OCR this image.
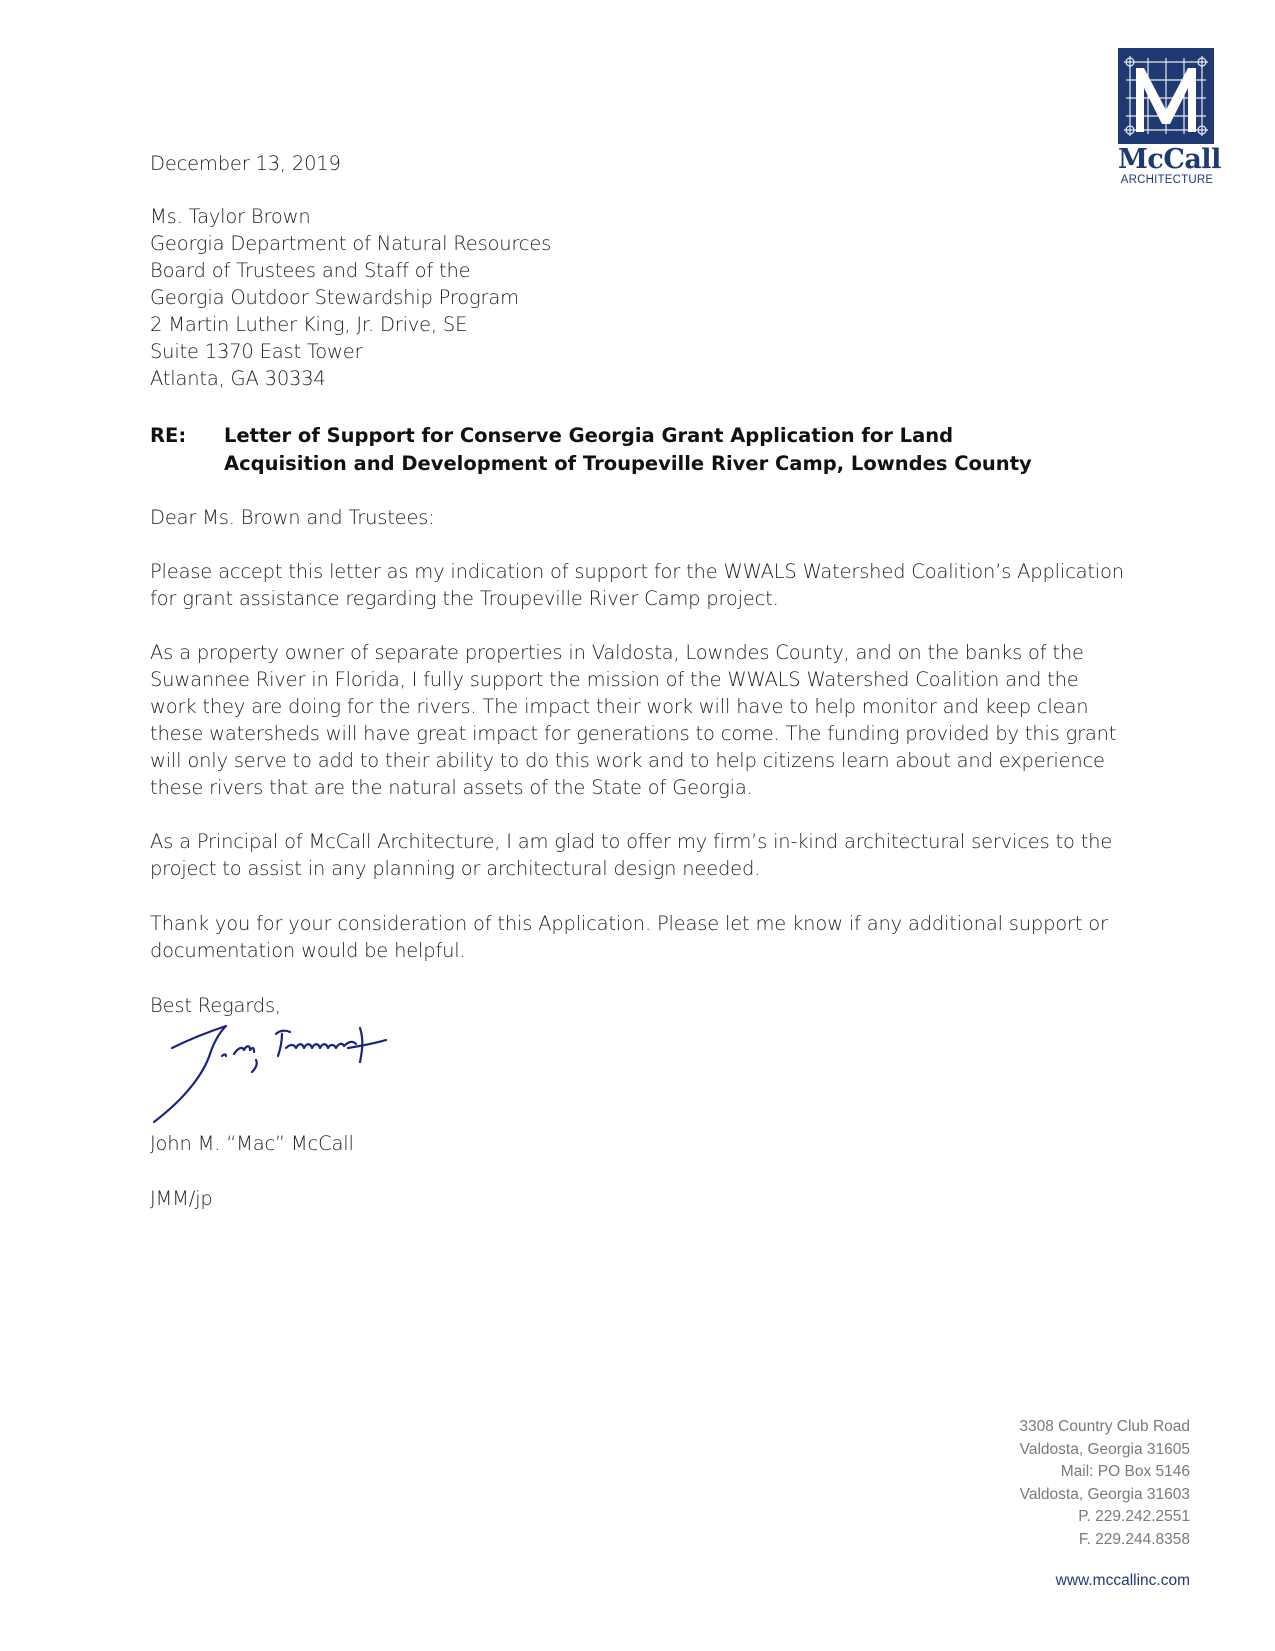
McCall
ARCHITECTURE
December 13, 2019
Ms. Taylor Brown
Georgia Department of Natural Resources
Board of Trustees and Staff of the
Georgia Outdoor Stewardship Program
2 Martin Luther King, Jr. Drive, SE
Suite 1370 East Tower
Atlanta, GA 30334
RE: Letter of Support for Conserve Georgia Grant Application for Land
Acquisition and Development of Troupeville River Camp, Lowndes County
Dear Ms. Brown and Trustees:
Please accept this letter as my indication of support for the WWALS Watershed Coalition’s Application
for grant assistance regarding the Troupeville River Camp project.
As a property owner of separate properties in Valdosta, Lowndes County, and on the banks of the
Suwannee River in Florida, I fully support the mission of the WWALS Watershed Coalition and the
work they are doing for the rivers. The impact their work will have to help monitor and keep clean
these watersheds will have great impact for generations to come. The funding provided by this grant
will only serve to add to their ability to do this work and to help citizens learn about and experience
these rivers that are the natural assets of the State of Georgia.
As a Principal of McCall Architecture, I am glad to offer my firm’s in-kind architectural services to the
project to assist in any planning or architectural design needed.
Thank you for your consideration of this Application. Please let me know if any additional support or
documentation would be helpful.
Best Regards,
John M. “Mac” McCall
JMM/jp
3308 Country Club Road
Valdosta, Georgia 31605
Mail: PO Box 5146
Valdosta, Georgia 31603
P. 229.242.2551
F. 229.244.8358
www.mccallinc.com
